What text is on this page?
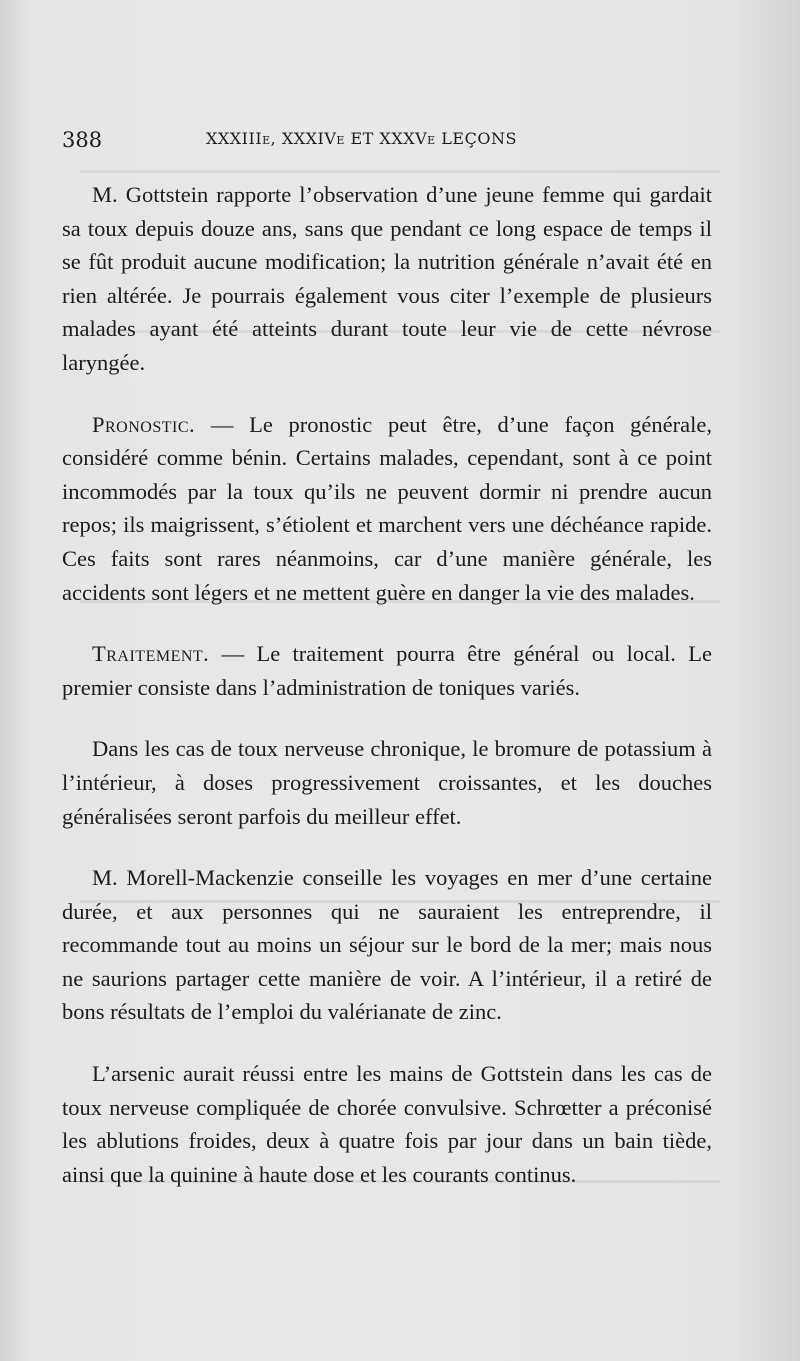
388	XXXIIIe, XXXIVe ET XXXVe LEÇONS

M. Gottstein rapporte l’observation d’une jeune femme qui gardait sa toux depuis douze ans, sans que pendant ce long espace de temps il se fût produit aucune modification; la nutrition générale n’avait été en rien altérée. Je pourrais également vous citer l’exemple de plusieurs malades ayant été atteints durant toute leur vie de cette névrose laryngée.

Pronostic. — Le pronostic peut être, d’une façon générale, considéré comme bénin. Certains malades, cependant, sont à ce point incommodés par la toux qu’ils ne peuvent dormir ni prendre aucun repos; ils maigrissent, s’étiolent et marchent vers une déchéance rapide. Ces faits sont rares néanmoins, car d’une manière générale, les accidents sont légers et ne mettent guère en danger la vie des malades.

Traitement. — Le traitement pourra être général ou local. Le premier consiste dans l’administration de toniques variés.

Dans les cas de toux nerveuse chronique, le bromure de potassium à l’intérieur, à doses progressivement croissantes, et les douches généralisées seront parfois du meilleur effet.

M. Morell-Mackenzie conseille les voyages en mer d’une certaine durée, et aux personnes qui ne sauraient les entreprendre, il recommande tout au moins un séjour sur le bord de la mer; mais nous ne saurions partager cette manière de voir. A l’intérieur, il a retiré de bons résultats de l’emploi du valérianate de zinc.

L’arsenic aurait réussi entre les mains de Gottstein dans les cas de toux nerveuse compliquée de chorée convulsive. Schrœtter a préconisé les ablutions froides, deux à quatre fois par jour dans un bain tiède, ainsi que la quinine à haute dose et les courants continus.
